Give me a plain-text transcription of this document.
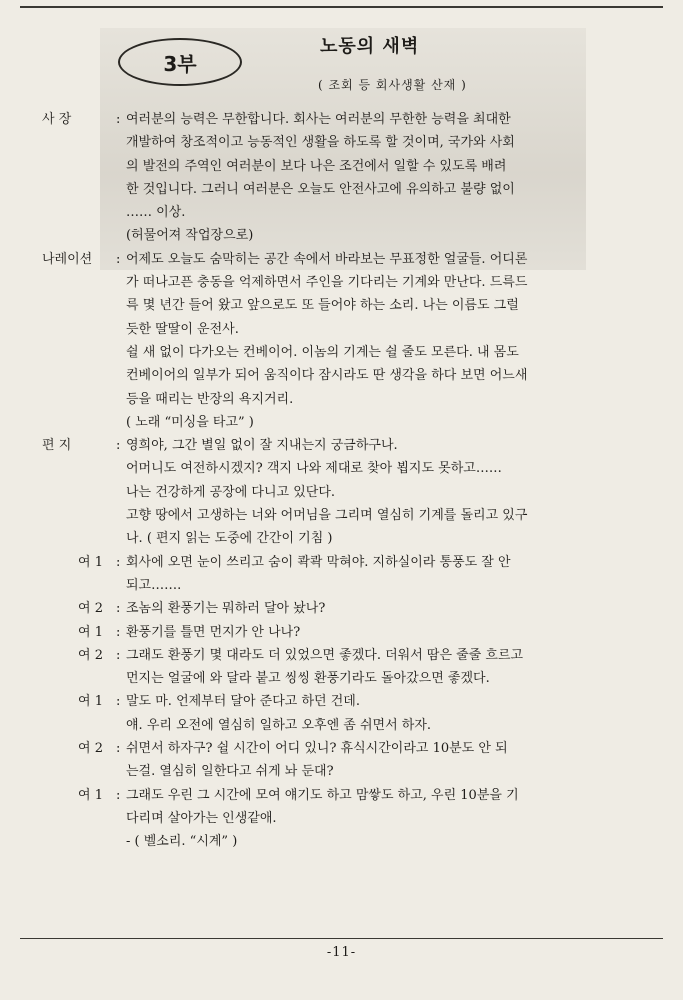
3부
노동의 새벽
( 조회 등 회사생활 산재 )
사 장	: 여러분의 능력은 무한합니다. 회사는 여러분의 무한한 능력을 최대한
개발하여 창조적이고 능동적인 생활을 하도록 할 것이며, 국가와 사회
의 발전의 주역인 여러분이 보다 나은 조건에서 일할 수 있도록 배려
한 것입니다. 그러니 여러분은 오늘도 안전사고에 유의하고 불량 없이
…… 이상.
(허물어져 작업장으로)
나레이션 : 어제도 오늘도 숨막히는 공간 속에서 바라보는 무표정한 얼굴들. 어디론
가 떠나고픈 충동을 억제하면서 주인을 기다리는 기계와 만난다. 드륵드
륵 몇 년간 들어 왔고 앞으로도 또 들어야 하는 소리. 나는 이름도 그럴
듯한 딸딸이 운전사.
쉴 새 없이 다가오는 컨베이어. 이놈의 기계는 쉴 줄도 모른다. 내 몸도
컨베이어의 일부가 되어 움직이다 잠시라도 딴 생각을 하다 보면 어느새
등을 때리는 반장의 욕지거리.
( 노래 “미싱을 타고” )
편 지	: 영희야, 그간 별일 없이 잘 지내는지 궁금하구나.
어머니도 여전하시겠지? 객지 나와 제대로 찾아 뵙지도 못하고……
나는 건강하게 공장에 다니고 있단다.
고향 땅에서 고생하는 너와 어머님을 그리며 열심히 기계를 돌리고 있구
나. ( 편지 읽는 도중에 간간이 기침 )
여 1 : 회사에 오면 눈이 쓰리고 숨이 콱콱 막혀야. 지하실이라 통풍도 잘 안
되고…….
여 2 : 조놈의 환풍기는 뭐하러 달아 놨나?
여 1 : 환풍기를 틀면 먼지가 안 나나?
여 2 : 그래도 환풍기 몇 대라도 더 있었으면 좋겠다. 더워서 땀은 줄줄 흐르고
먼지는 얼굴에 와 달라 붙고 씽씽 환풍기라도 돌아갔으면 좋겠다.
여 1 : 말도 마. 언제부터 달아 준다고 하던 건데.
얘. 우리 오전에 열심히 일하고 오후엔 좀 쉬면서 하자.
여 2 : 쉬면서 하자구? 쉴 시간이 어디 있니? 휴식시간이라고 10분도 안 되
는걸. 열심히 일한다고 쉬게 놔 둔대?
여 1 : 그래도 우린 그 시간에 모여 얘기도 하고 맘쌓도 하고, 우린 10분을 기
다리며 살아가는 인생같애.
- ( 벨소리. “시계” )
-11-
